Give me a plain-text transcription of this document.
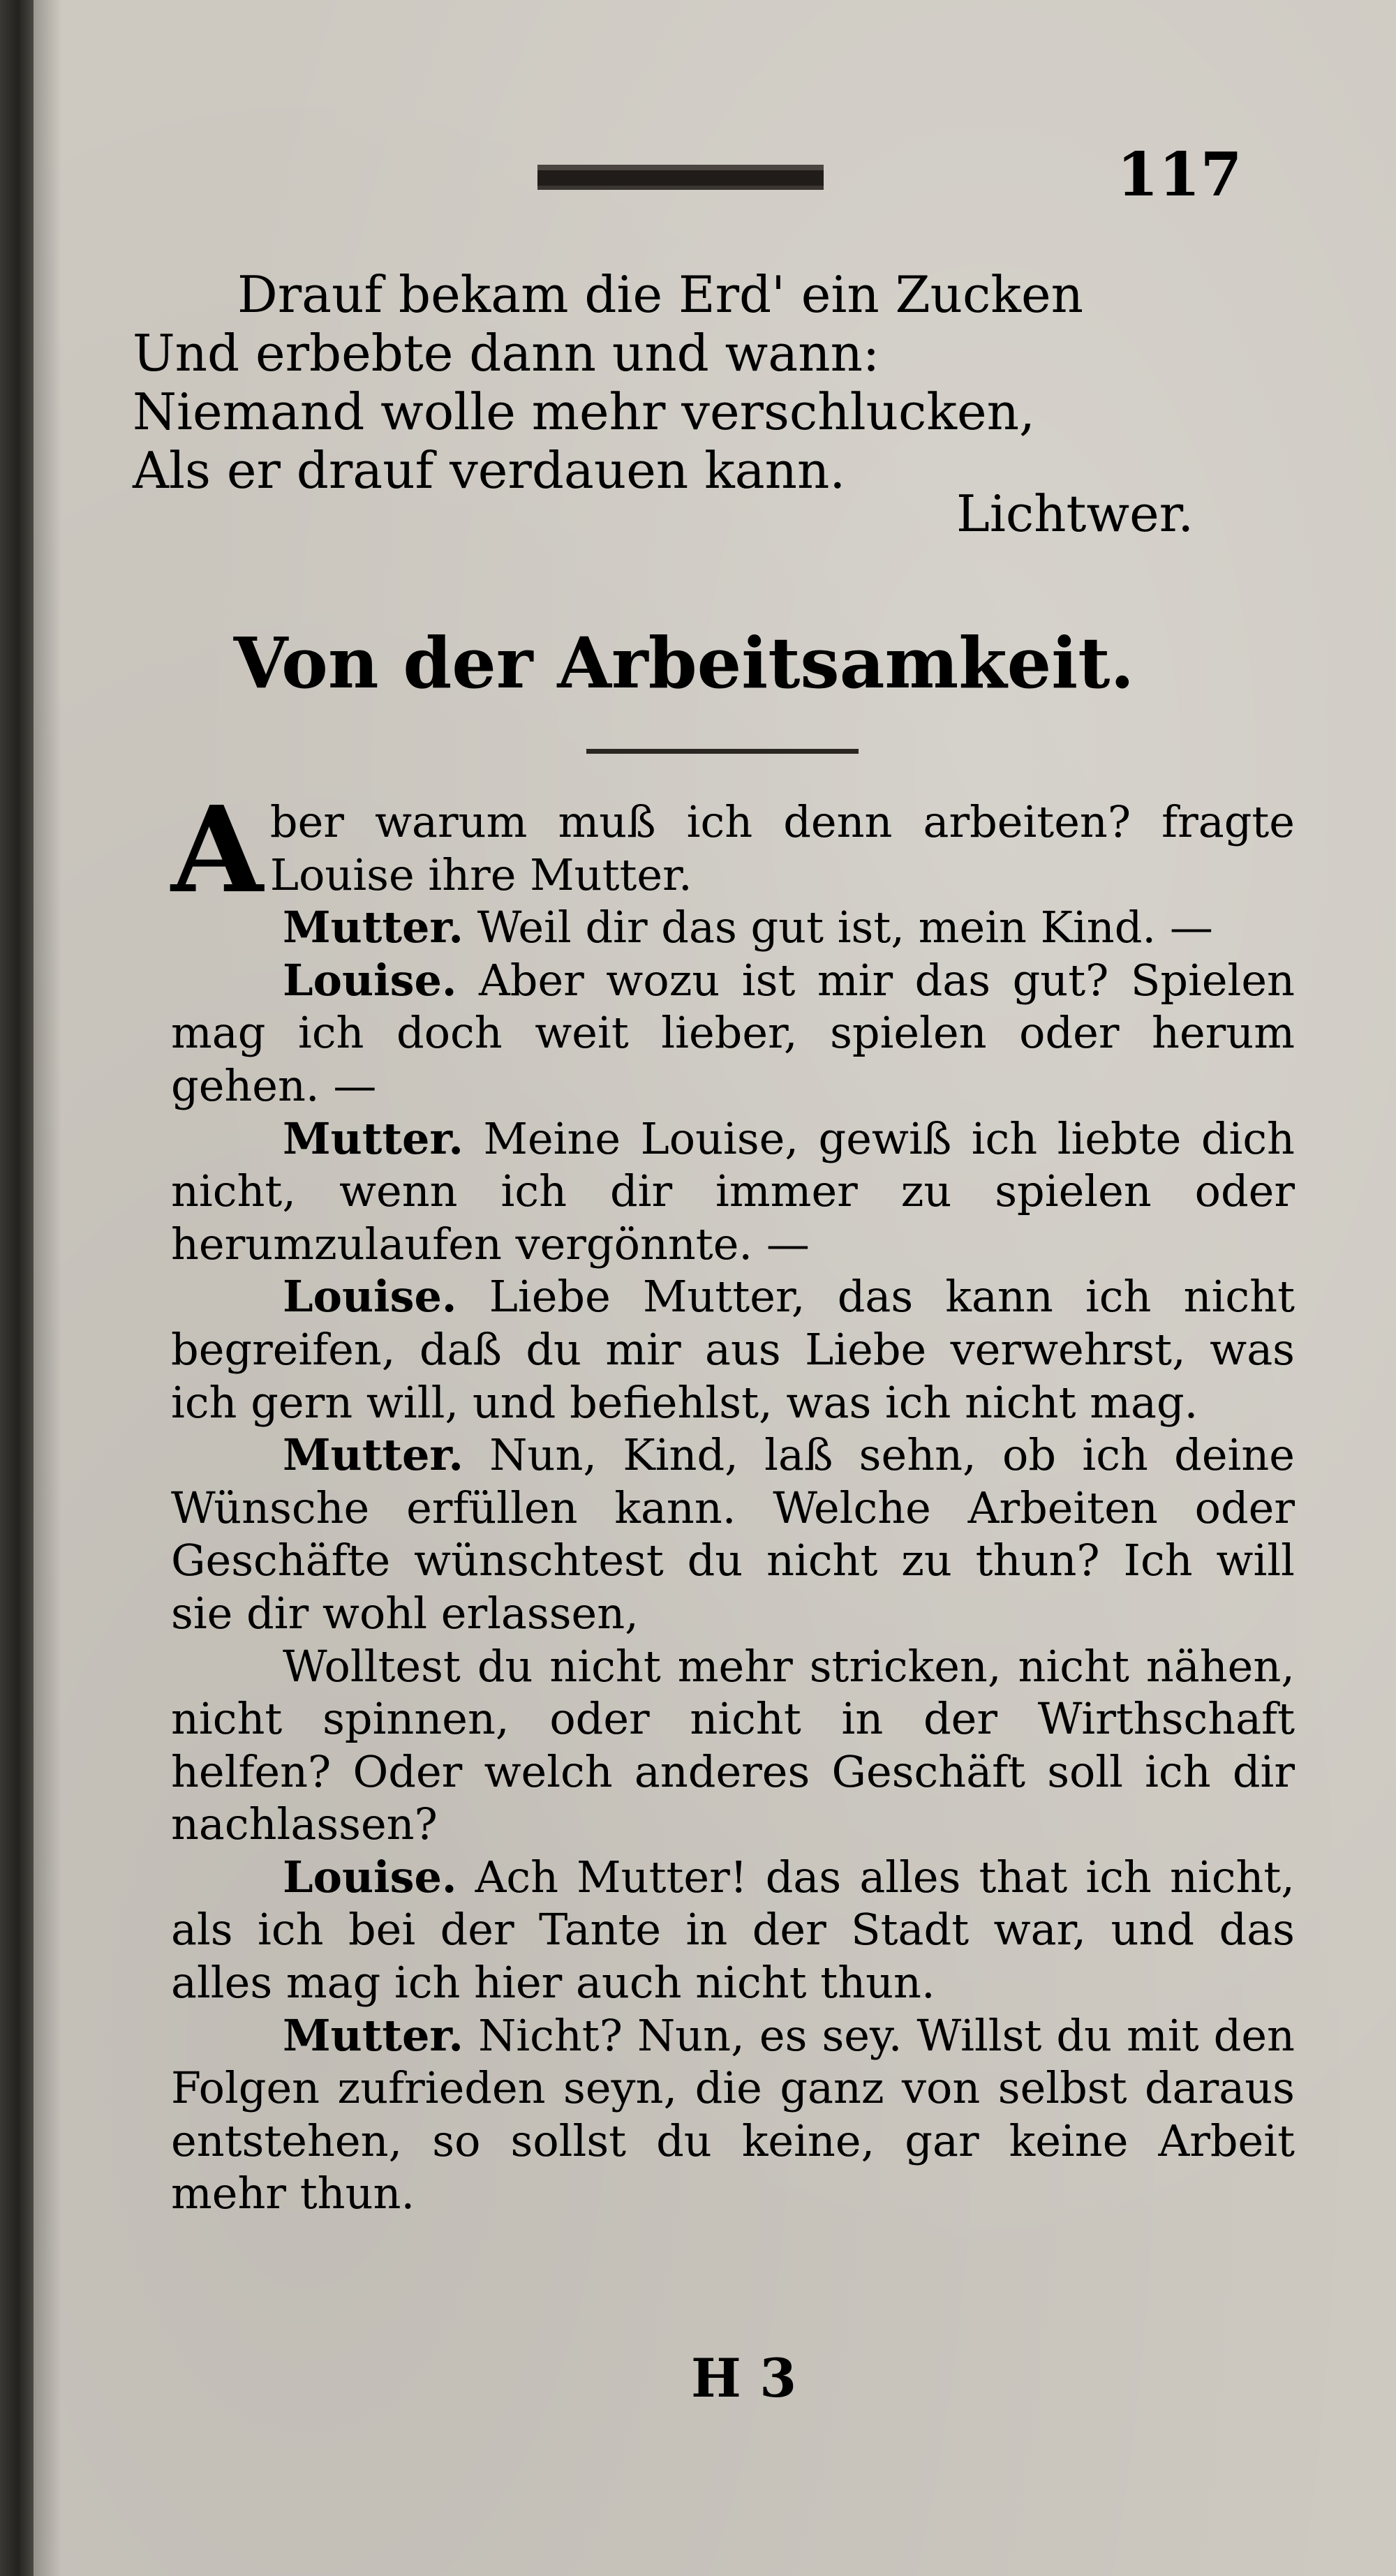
117
Drauf bekam die Erd' ein Zucken
Und erbebte dann und wann:
Niemand wolle mehr verschlucken,
Als er drauf verdauen kann.
Lichtwer.
Von der Arbeitsamkeit.

Aber warum muß ich denn arbeiten? fragte Louise ihre Mutter.

Mutter. Weil dir das gut ist, mein Kind. —

Louise. Aber wozu ist mir das gut? Spielen mag ich doch weit lieber, spielen oder herum gehen. —

Mutter. Meine Louise, gewiß ich liebte dich nicht, wenn ich dir immer zu spielen oder herumzulaufen vergönnte. —

Louise. Liebe Mutter, das kann ich nicht begreifen, daß du mir aus Liebe verwehrst, was ich gern will, und befiehlst, was ich nicht mag.

Mutter. Nun, Kind, laß sehn, ob ich deine Wünsche erfüllen kann. Welche Arbeiten oder Geschäfte wünschtest du nicht zu thun? Ich will sie dir wohl erlassen,

Wolltest du nicht mehr stricken, nicht nähen, nicht spinnen, oder nicht in der Wirthschaft helfen? Oder welch anderes Geschäft soll ich dir nachlassen?

Louise. Ach Mutter! das alles that ich nicht, als ich bei der Tante in der Stadt war, und das alles mag ich hier auch nicht thun.

Mutter. Nicht? Nun, es sey. Willst du mit den Folgen zufrieden seyn, die ganz von selbst daraus entstehen, so sollst du keine, gar keine Arbeit mehr thun.

H 3
